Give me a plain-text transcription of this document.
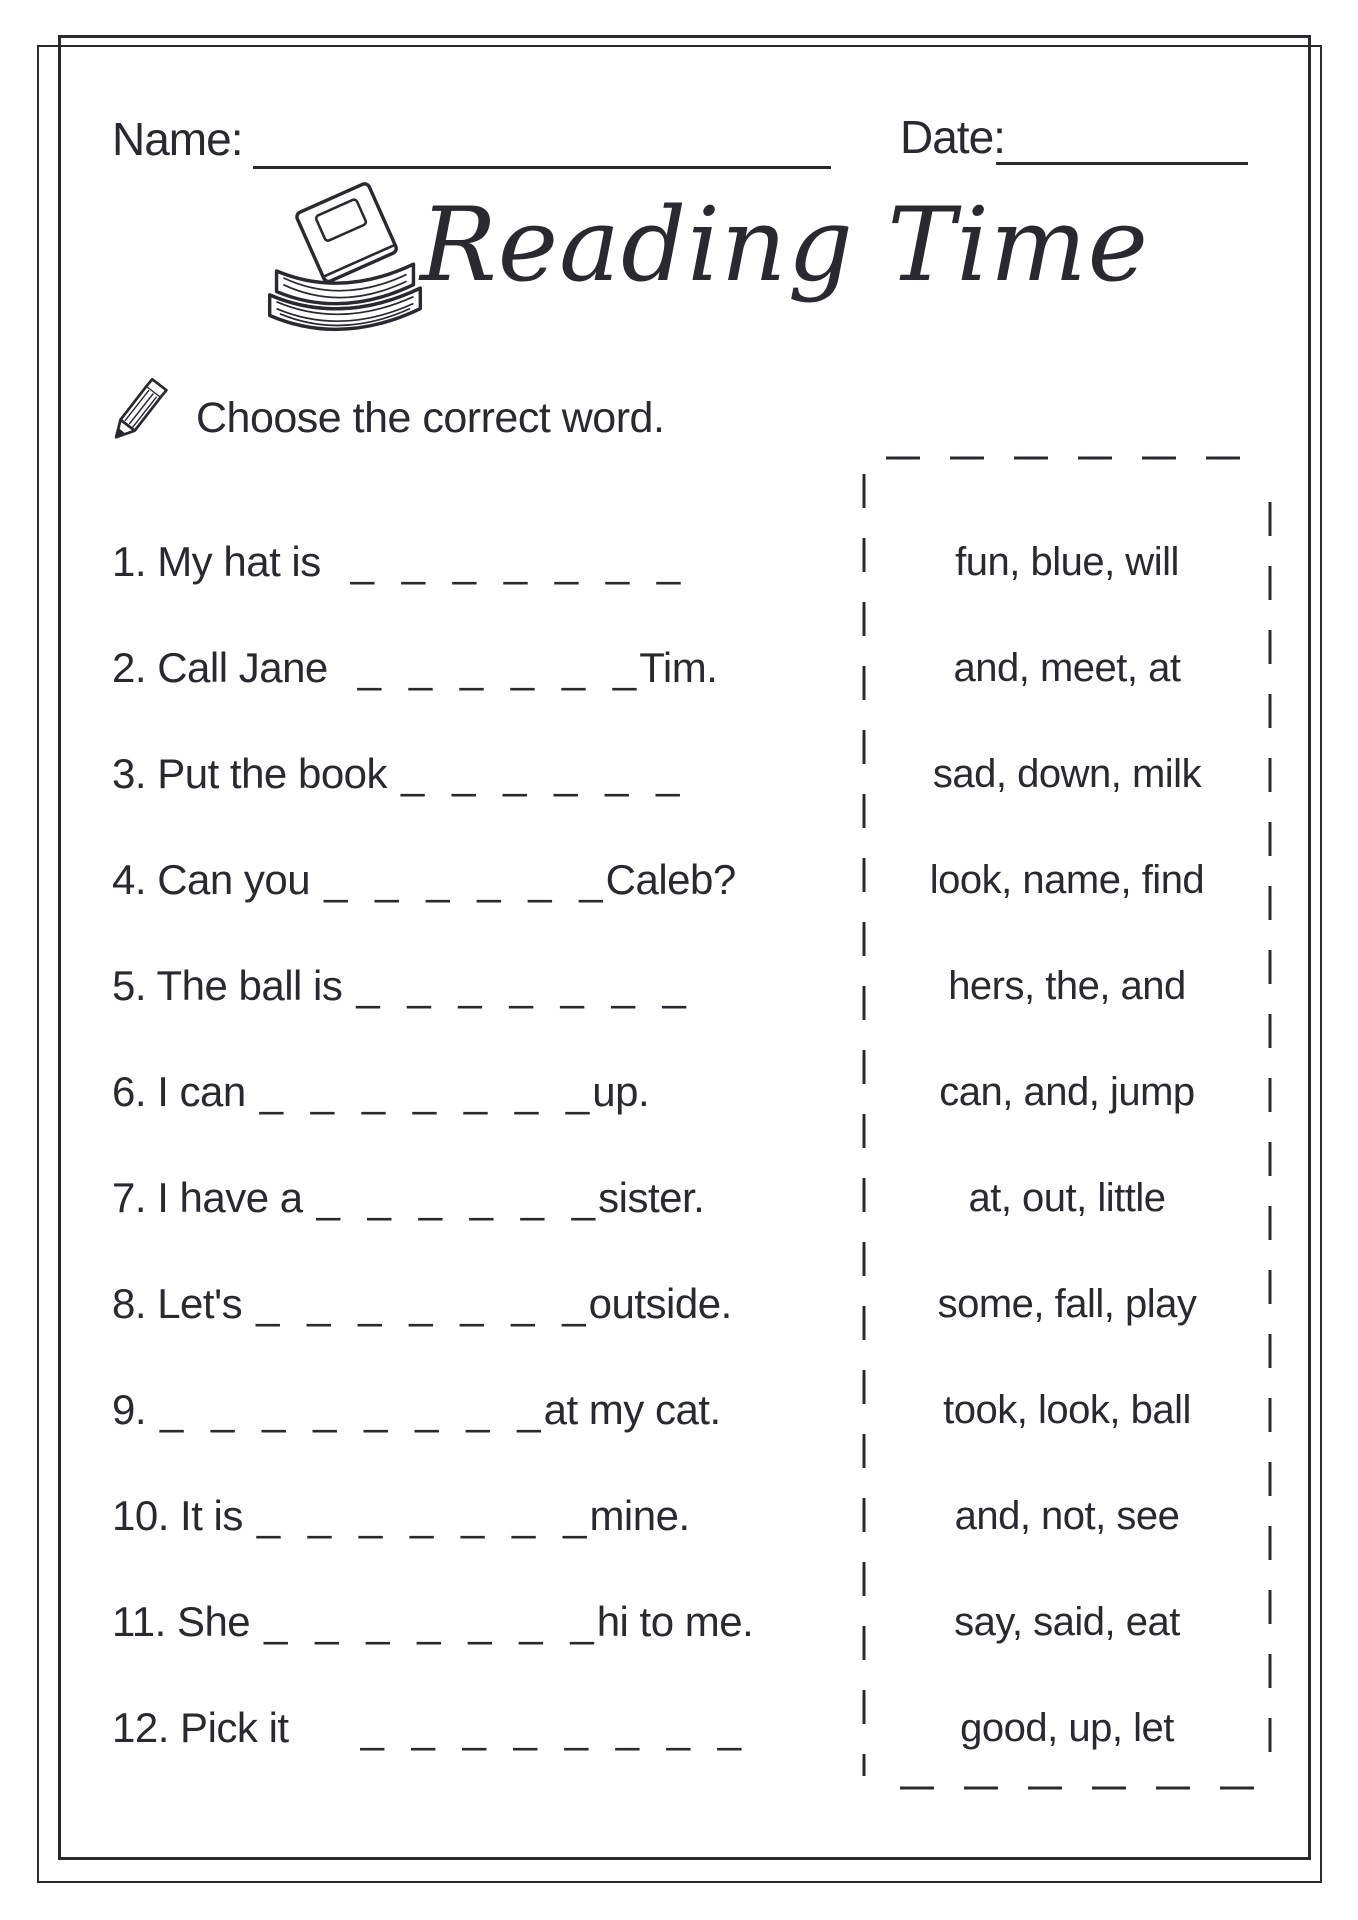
Name:	Date:
Reading Time
Choose the correct word.
1. My hat is _ _ _ _ _ _ _	fun, blue, will
2. Call Jane _ _ _ _ _ _Tim.	and, meet, at
3. Put the book _ _ _ _ _ _	sad, down, milk
4. Can you _ _ _ _ _ _Caleb?	look, name, find
5. The ball is _ _ _ _ _ _ _	hers, the, and
6. I can _ _ _ _ _ _ _up.	can, and, jump
7. I have a _ _ _ _ _ _sister.	at, out, little
8. Let's _ _ _ _ _ _ _outside.	some, fall, play
9. _ _ _ _ _ _ _ _at my cat.	took, look, ball
10. It is _ _ _ _ _ _ _mine.	and, not, see
11. She _ _ _ _ _ _ _hi to me.	say, said, eat
12. Pick it _ _ _ _ _ _ _ _	good, up, let
